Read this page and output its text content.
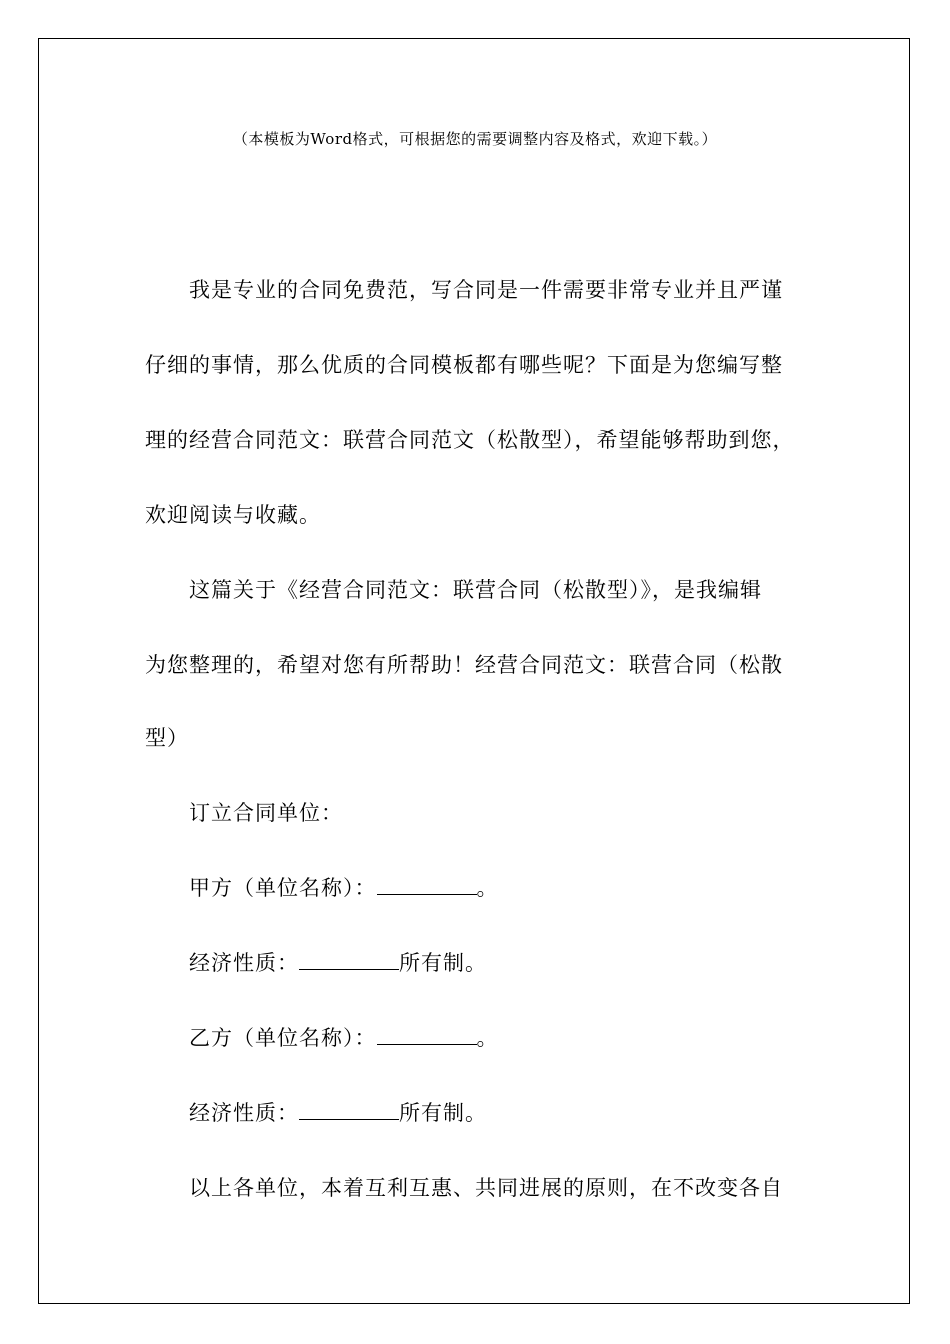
（本模板为Word格式，可根据您的需要调整内容及格式，欢迎下载。）
我是专业的合同免费范，写合同是一件需要非常专业并且严谨
仔细的事情，那么优质的合同模板都有哪些呢？下面是为您编写整
理的经营合同范文：联营合同范文（松散型），希望能够帮助到您，
欢迎阅读与收藏。
这篇关于《经营合同范文：联营合同（松散型）》，是我编辑
为您整理的，希望对您有所帮助！经营合同范文：联营合同（松散
型）
订立合同单位：
甲方（单位名称）：	。
经济性质：	所有制。
乙方（单位名称）：	。
经济性质：	所有制。
以上各单位，本着互利互惠、共同进展的原则，在不改变各自
